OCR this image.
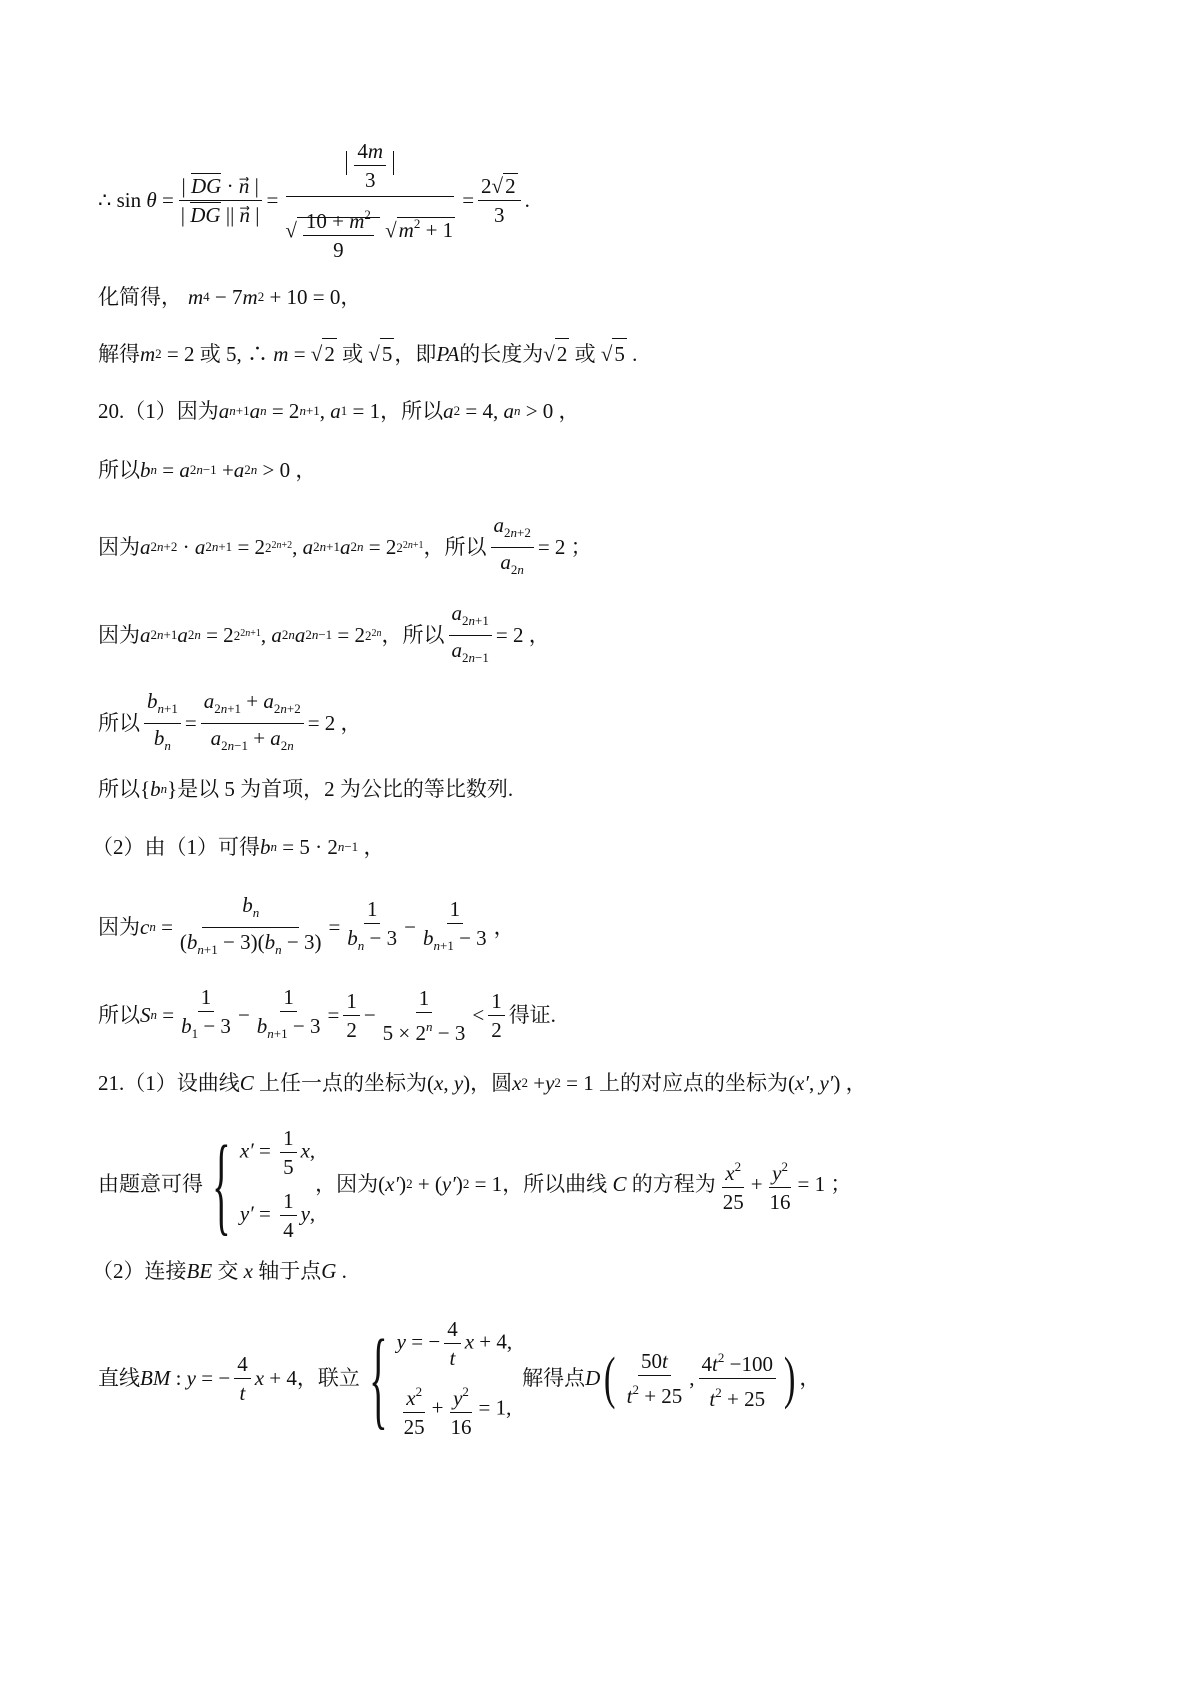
∴ $\sin \theta = \frac{| DG \cdot n⃗ |}{| DG || n⃗ |} = \frac{\frac{4m}{3}}{√ \frac{10 + m^2}{9} √m^2 + 1} = \frac{2√2}{3}$ .
化简得， m 4 − 7 m 2 + 10 = 0 ，
解得 m 2 = 2 或 5, ∴ m = √ 2 或 √ 5 ，即 PA 的长度为 √ 2 或 √ 5 .
20.（1）因为 a n+1 a n = 2 n+1 , a 1 = 1 ，所以 a 2 = 4, a n > 0 ，
所以 b n = a 2n−1 + a 2n > 0 ，
因为 a 2n+2 · a 2n+1 = 2 $2^{2n+2}$ , a 2n+1 a 2n = 2 $2^{2n+1}$ ，所以 $\frac{a_{2n+2}}{a_{2n}} = 2$ ；
因为 a 2n+1 a 2n = 2 $2^{2n+1}$ , a 2n a 2n−1 = 2 $2^{2n}$ ，所以 $\frac{a_{2n+1}}{a_{2n-1}} = 2$ ，
所以 $\frac{b_{n+1}}{b_n} = \frac{a_{2n+1} + a_{2n+2}}{a_{2n-1} + a_{2n}} = 2$ ，
所以 { b n } 是以 5 为首项，2 为公比的等比数列.
（2）由（1）可得 b n = 5 · 2 n−1 ，
因为 c $n = \frac{b_n}{(b_{n+1} - 3)(b_n - 3)} = \frac{1}{b_n - 3} - \frac{1}{b_{n+1} - 3}$ ，
所以 S $n = \frac{1}{b_1 - 3} - \frac{1}{b_{n+1} - 3} = \frac{1}{2} - \frac{1}{5 \times 2^n - 3} < \frac{1}{2}$ 得证.
21.（1）设曲线 C
上任一点的坐标为 ( x , y ) ，圆 x 2 + y 2 = 1 上的对应点的坐标为 ( x′ , y′ ) ，
由题意可得 { $x' = \frac{1}{5} x$,
$y' = \frac{1}{4} y$,
，因为 ( x′ ) 2 + ( y′ ) 2 = 1 ，所以曲线 C 的方程为 $\frac{x^2}{25} + \frac{y^2}{16} = 1$ ；
（2）连接 BE
交
x
轴于点 G .
直线 BM : y = − $\frac{4}{t}$ x + 4 ，联立 { y = − $\frac{4}{t}$ x + 4,
$\frac{x^2}{25} + \frac{y^2}{16} = 1$,
解得点 D ( $\frac{50t}{t^2 + 25}$ , $\frac{4t^2 -100}{t^2 + 25}$ ) ，
